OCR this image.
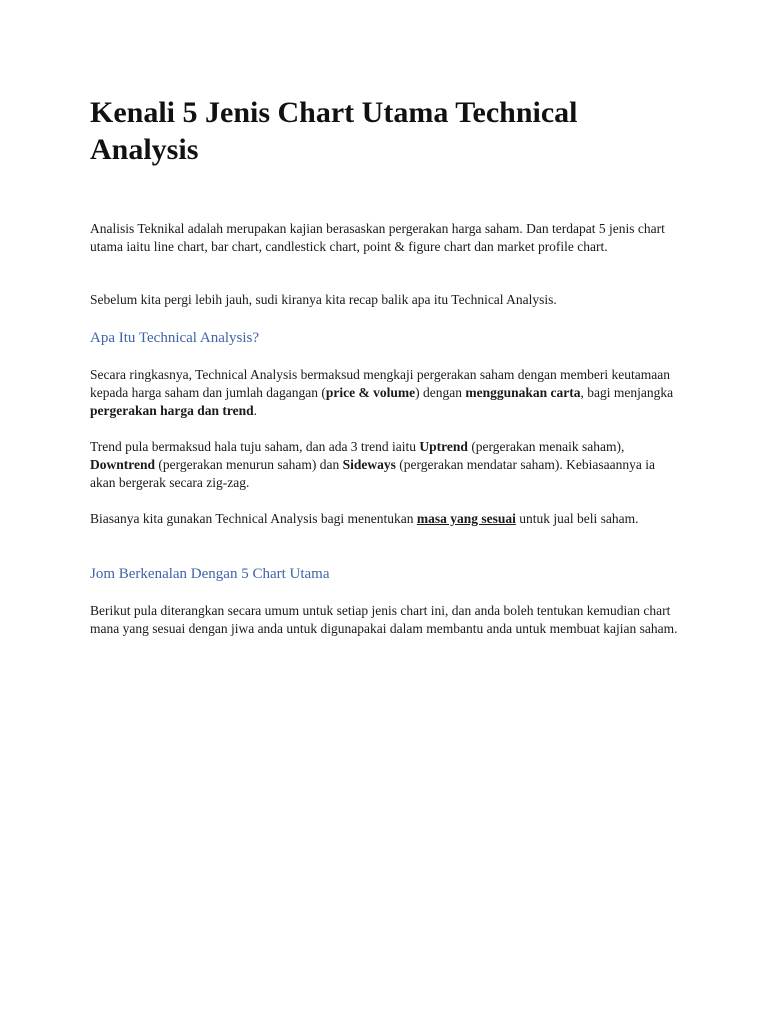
Kenali 5 Jenis Chart Utama Technical Analysis

Analisis Teknikal adalah merupakan kajian berasaskan pergerakan harga saham. Dan terdapat 5 jenis chart utama iaitu line chart, bar chart, candlestick chart, point & figure chart dan market profile chart.

Sebelum kita pergi lebih jauh, sudi kiranya kita recap balik apa itu Technical Analysis.

Apa Itu Technical Analysis?

Secara ringkasnya, Technical Analysis bermaksud mengkaji pergerakan saham dengan memberi keutamaan kepada harga saham dan jumlah dagangan (price & volume) dengan menggunakan carta, bagi menjangka pergerakan harga dan trend.

Trend pula bermaksud hala tuju saham, dan ada 3 trend iaitu Uptrend (pergerakan menaik saham), Downtrend (pergerakan menurun saham) dan Sideways (pergerakan mendatar saham). Kebiasaannya ia akan bergerak secara zig-zag.

Biasanya kita gunakan Technical Analysis bagi menentukan masa yang sesuai untuk jual beli saham.

Jom Berkenalan Dengan 5 Chart Utama

Berikut pula diterangkan secara umum untuk setiap jenis chart ini, dan anda boleh tentukan kemudian chart mana yang sesuai dengan jiwa anda untuk digunapakai dalam membantu anda untuk membuat kajian saham.
